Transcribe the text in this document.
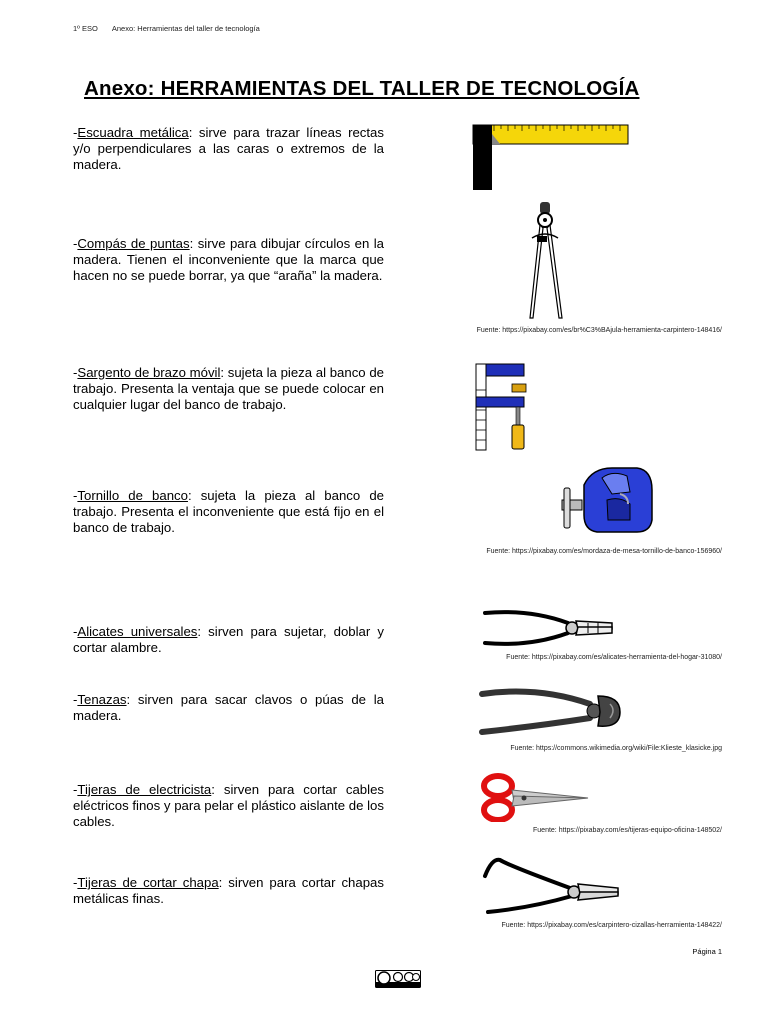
1º ESO Anexo: Herramientas del taller de tecnología
Anexo: HERRAMIENTAS DEL TALLER DE TECNOLOGÍA
-Escuadra metálica: sirve para trazar líneas rectas y/o perpendiculares a las caras o extremos de la madera.
-Compás de puntas: sirve para dibujar círculos en la madera. Tienen el inconveniente que la marca que hacen no se puede borrar, ya que “araña” la madera.
-Sargento de brazo móvil: sujeta la pieza al banco de trabajo. Presenta la ventaja que se puede colocar en cualquier lugar del banco de trabajo.
-Tornillo de banco: sujeta la pieza al banco de trabajo. Presenta el inconveniente que está fijo en el banco de trabajo.
-Alicates universales: sirven para sujetar, doblar y cortar alambre.
-Tenazas: sirven para sacar clavos o púas de la madera.
-Tijeras de electricista: sirven para cortar cables eléctricos finos y para pelar el plástico aislante de los cables.
-Tijeras de cortar chapa: sirven para cortar chapas metálicas finas.
Fuente: https://pixabay.com/es/br%C3%BAjula-herramienta-carpintero-148416/
Fuente: https://pixabay.com/es/mordaza-de-mesa-tornillo-de-banco-156960/
Fuente: https://pixabay.com/es/alicates-herramienta-del-hogar-31080/
Fuente: https://commons.wikimedia.org/wiki/File:Klieste_klasicke.jpg
Fuente: https://pixabay.com/es/tijeras-equipo-oficina-148502/
Fuente: https://pixabay.com/es/carpintero-cizallas-herramienta-148422/
Página 1
